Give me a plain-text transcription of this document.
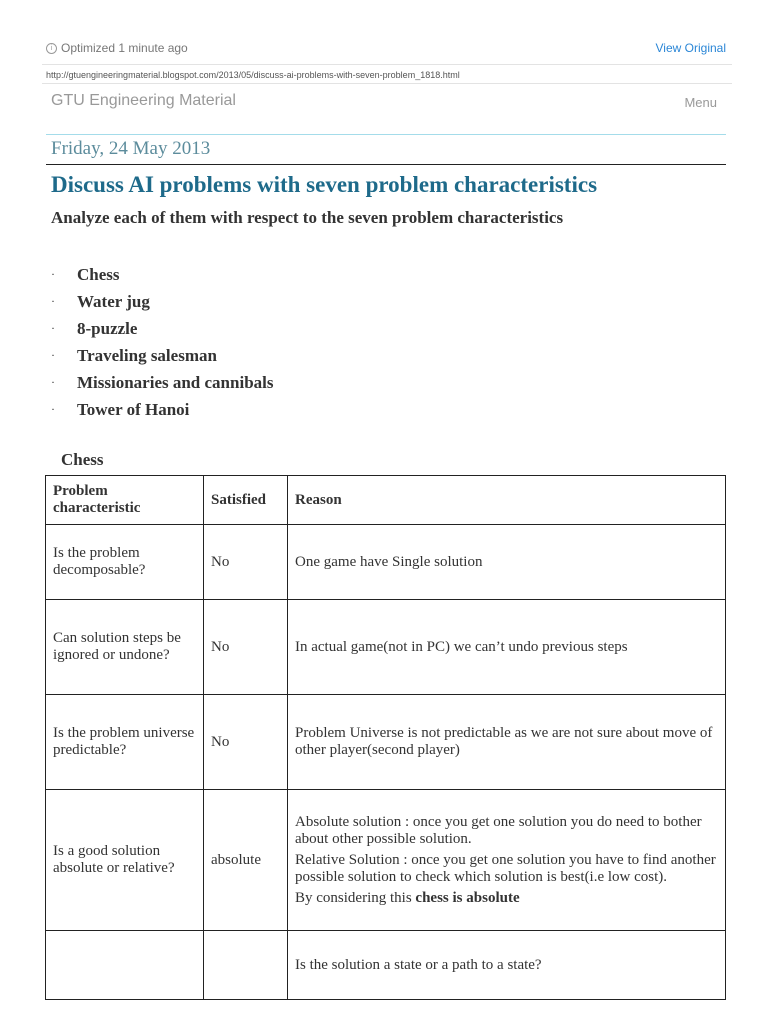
i Optimized 1 minute ago	View Original
http://gtuengineeringmaterial.blogspot.com/2013/05/discuss-ai-problems-with-seven-problem_1818.html
GTU Engineering Material	Menu
Friday, 24 May 2013
Discuss AI problems with seven problem characteristics
Analyze each of them with respect to the seven problem characteristics
·	Chess
·	Water jug
·	8-puzzle
·	Traveling salesman
·	Missionaries and cannibals
·	Tower of Hanoi
Chess
Problem characteristic	Satisfied	Reason
Is the problem decomposable?	No	One game have Single solution
Can solution steps be ignored or undone?	No	In actual game(not in PC) we can’t undo previous steps
Is the problem universe predictable?	No	Problem Universe is not predictable as we are not sure about move of other player(second player)
Is a good solution absolute or relative?	absolute	Absolute solution : once you get one solution you do need to bother about other possible solution.

Relative Solution : once you get one solution you have to find another possible solution to check which solution is best(i.e low cost).

By considering this chess is absolute

		Is the solution a state or a path to a state?
